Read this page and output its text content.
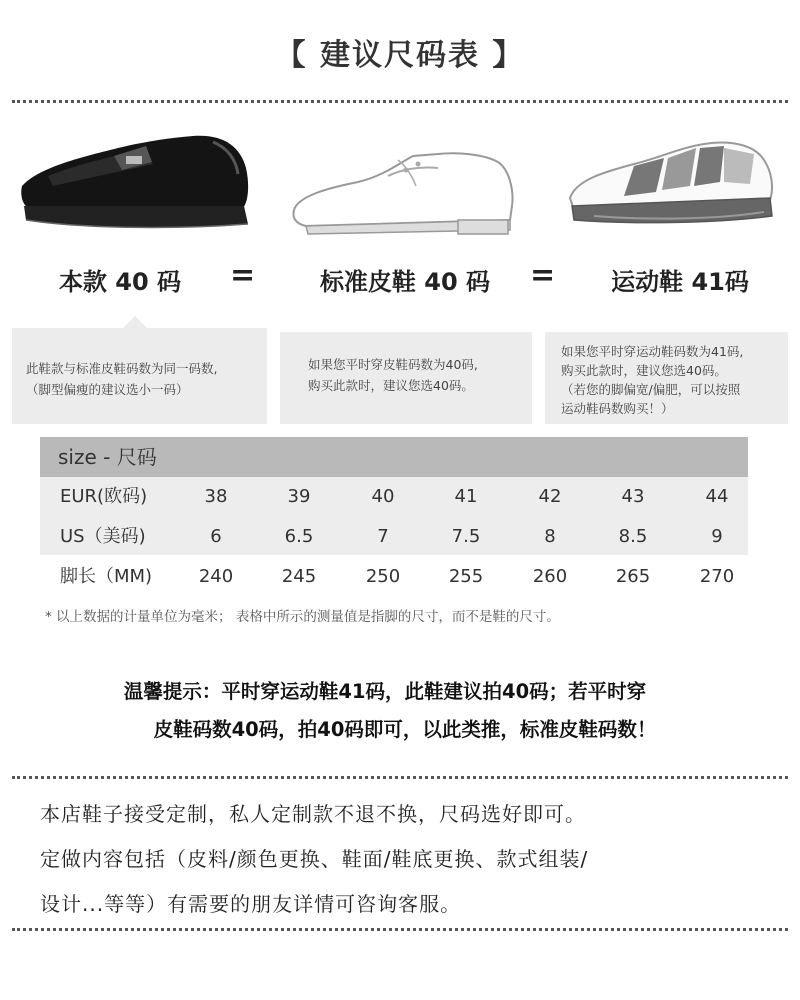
【 建议尺码表 】
本款 40 码	=	标准皮鞋 40 码	=	运动鞋 41码
此鞋款与标准皮鞋码数为同一码数,
（脚型偏瘦的建议选小一码）
如果您平时穿皮鞋码数为40码,
购买此款时，建议您选40码。
如果您平时穿运动鞋码数为41码,
购买此款时，建议您选40码。
（若您的脚偏宽/偏肥，可以按照
运动鞋码数购买！）
size - 尺码
EUR(欧码)	38	39	40	41	42	43	44
US（美码)	6	6.5	7	7.5	8	8.5	9
脚长（MM)	240	245	250	255	260	265	270
* 以上数据的计量单位为毫米； 表格中所示的测量值是指脚的尺寸，而不是鞋的尺寸。
温馨提示：平时穿运动鞋41码，此鞋建议拍40码；若平时穿
皮鞋码数40码，拍40码即可，以此类推，标准皮鞋码数！
本店鞋子接受定制，私人定制款不退不换，尺码选好即可。
定做内容包括（皮料/颜色更换、鞋面/鞋底更换、款式组装/
设计...等等）有需要的朋友详情可咨询客服。
